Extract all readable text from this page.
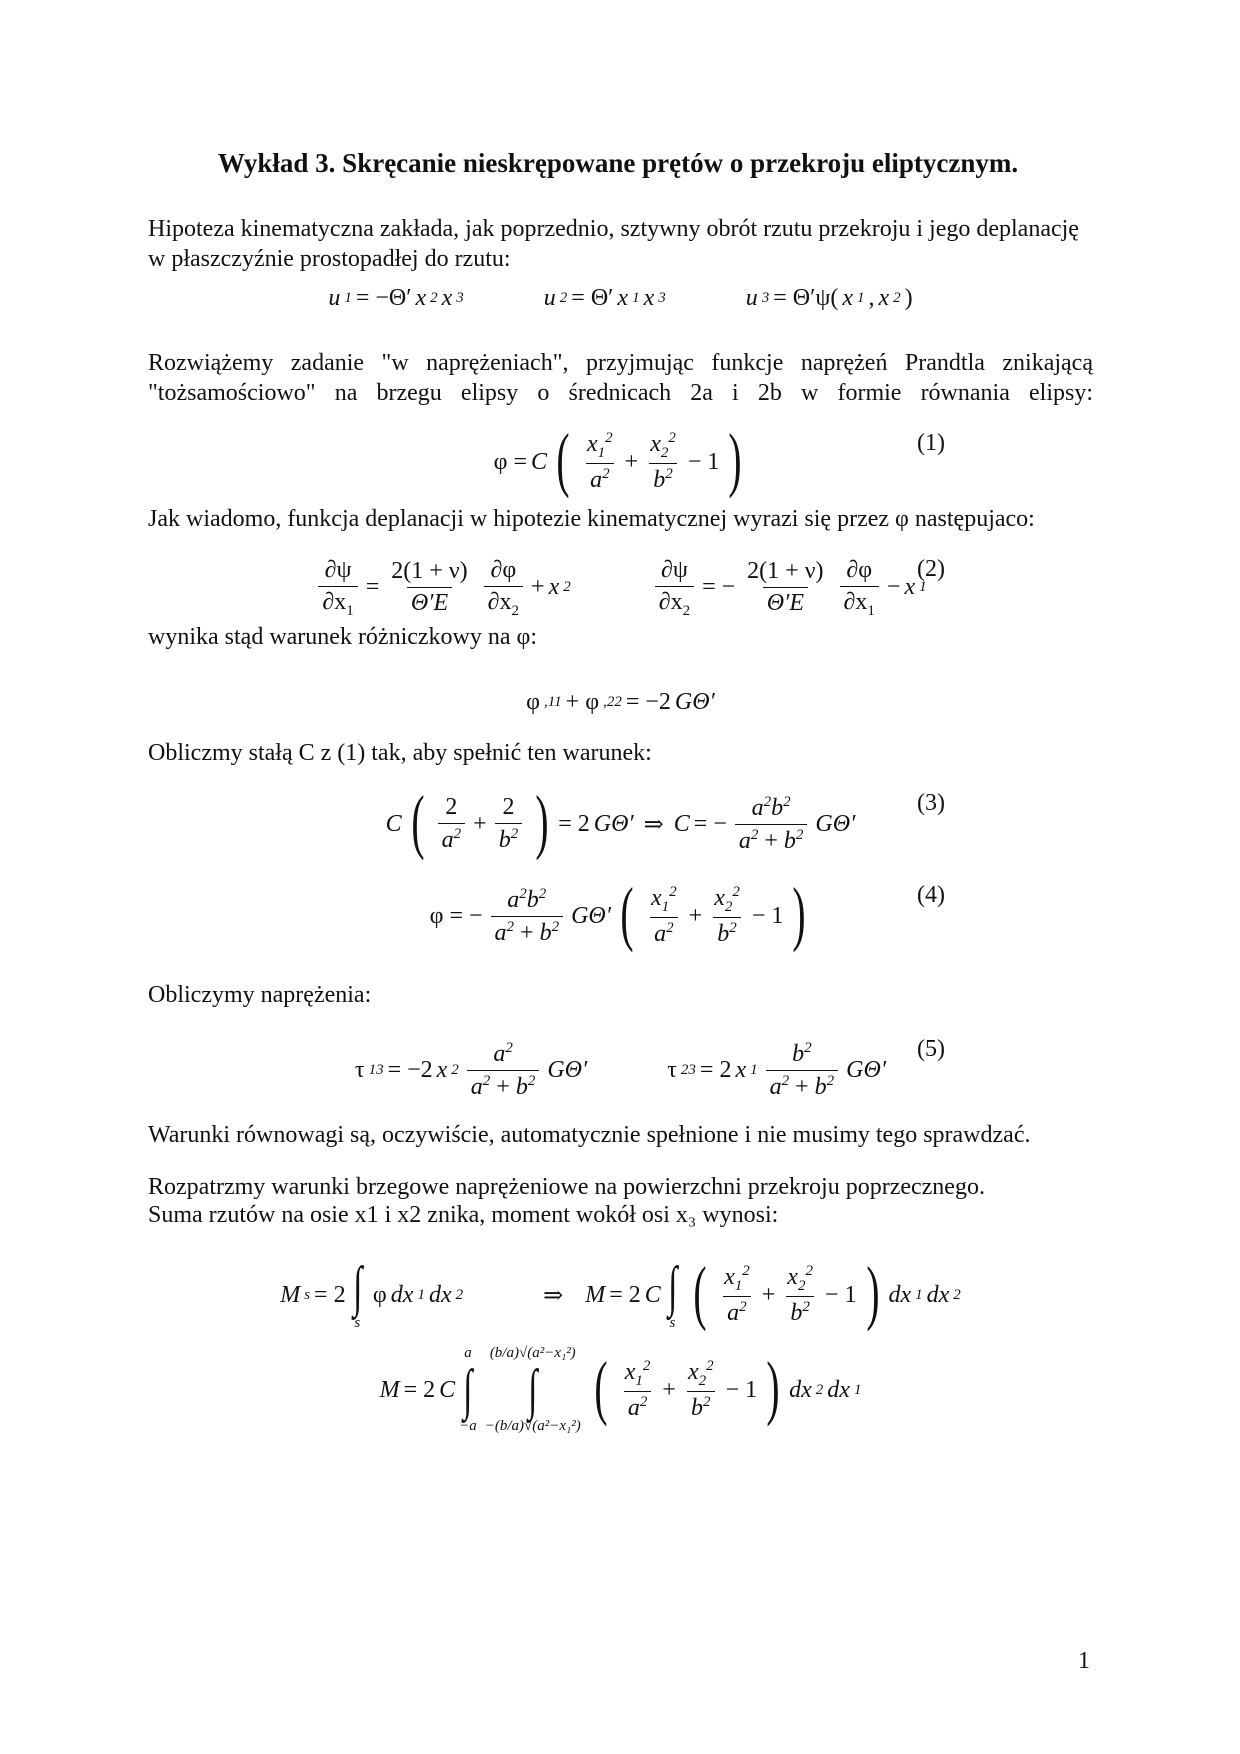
Wykład 3. Skręcanie nieskrępowane prętów o przekroju eliptycznym.
Hipoteza kinematyczna zakłada, jak poprzednio, sztywny obrót rzutu przekroju i jego deplanację w płaszczyźnie prostopadłej do rzutu:
u 1 = −Θ′ x 2 x 3	u 2 = Θ′ x 1 x 3	u 3 = Θ′ψ( x 1 , x 2 )
Rozwiążemy zadanie "w naprężeniach", przyjmując funkcje naprężeń Prandtla znikającą "tożsamościowo" na brzegu elipsy o średnicach 2a i 2b w formie równania elipsy:
φ = C ( $\frac{x_1^2}{a^2} + \frac{x_2^2}{b^2} - 1$ )	(1)
Jak wiadomo, funkcja deplanacji w hipotezie kinematycznej wyrazi się przez φ następujaco:
$\frac{\partial\psi}{\partial x_1} = \frac{2(1 + \nu)}{\Theta'E} \frac{\partial\varphi}{\partial x_2} + x$ 2	$\frac{\partial\psi}{\partial x_2}$ = − $\frac{2(1 + \nu)}{\Theta'E} \frac{\partial\varphi}{\partial x_1} - x$ 1
(2)
wynika stąd warunek różniczkowy na φ:
φ ,11 + φ ,22 = −2 GΘ′
Obliczmy stałą C z (1) tak, aby spełnić ten warunek:
C ( $\frac{2}{a^2} + \frac{2}{b^2}$ ) = 2 GΘ′ ⇒ C = − $\frac{a^2b^2}{a^2 + b^2} G\Theta'$
(3)
φ = − $\frac{a^2b^2}{a^2 + b^2} G\Theta'$ ( $\frac{x_1^2}{a^2} + \frac{x_2^2}{b^2} - 1$ )	(4)
Obliczymy naprężenia:
τ 13 = −2 x $2 \frac{a^2}{a^2 + b^2} G\Theta'$	τ 23 = 2 x $1 \frac{b^2}{a^2 + b^2} G\Theta'$
(5)
Warunki równowagi są, oczywiście, automatycznie spełnione i nie musimy tego sprawdzać.
Rozpatrzmy warunki brzegowe naprężeniowe na powierzchni przekroju poprzecznego.
Suma rzutów na osie x1 i x2 znika, moment wokół osi x₃ wynosi:
M s = 2 ∫
s
φ dx 1 dx 2	⇒ M = 2 C ∫
s ( $\frac{x_1^2}{a^2} + \frac{x_2^2}{b^2} - 1$ ) dx 1 dx 2
M = 2 C
a
∫
−a
(b/a)√(a²−x₁²)
∫
−(b/a)√(a²−x₁²) ( $\frac{x_1^2}{a^2} + \frac{x_2^2}{b^2} - 1$ ) dx 2 dx 1
1
